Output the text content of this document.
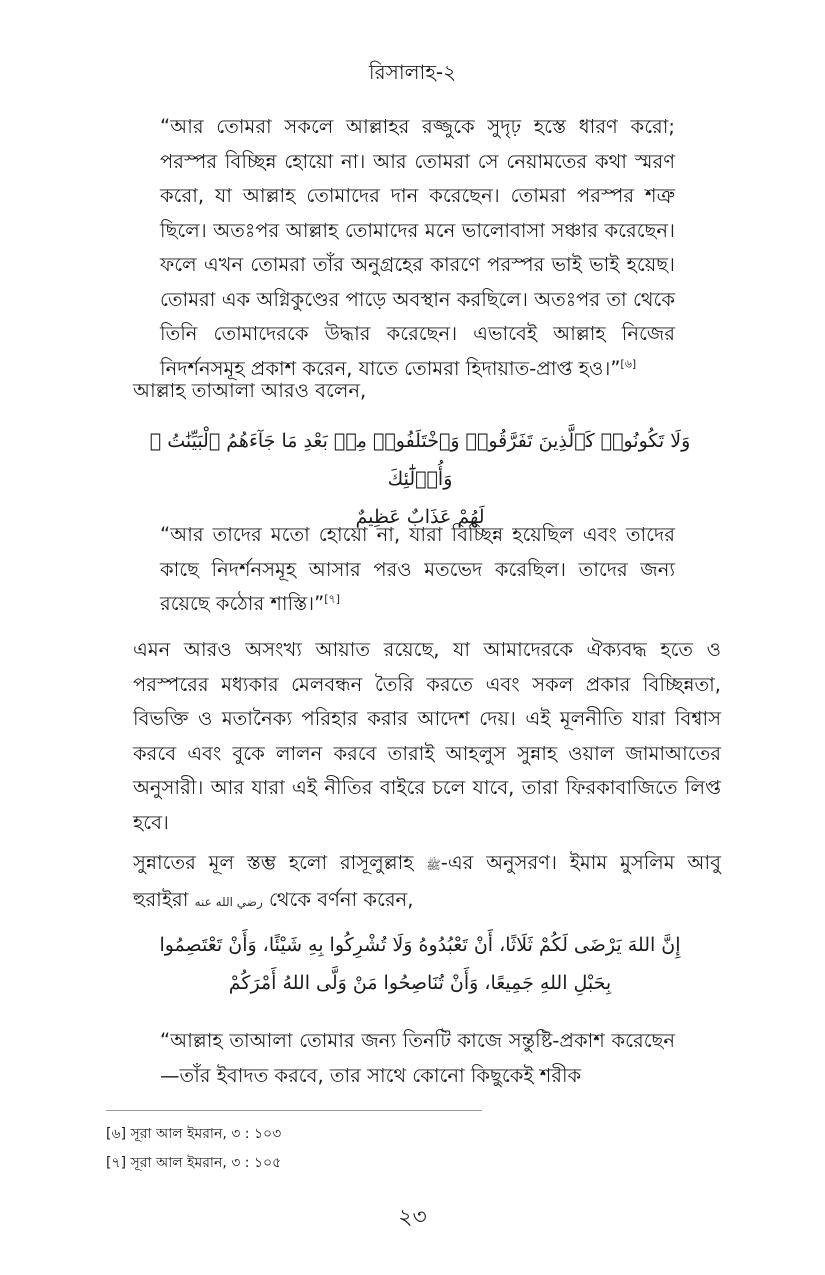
রিসালাহ-২

“আর তোমরা সকলে আল্লাহর রজ্জুকে সুদৃঢ় হস্তে ধারণ করো; পরস্পর বিচ্ছিন্ন হোয়ো না। আর তোমরা সে নেয়ামতের কথা স্মরণ করো, যা আল্লাহ তোমাদের দান করেছেন। তোমরা পরস্পর শত্রু ছিলে। অতঃপর আল্লাহ তোমাদের মনে ভালোবাসা সঞ্চার করেছেন। ফলে এখন তোমরা তাঁর অনুগ্রহের কারণে পরস্পর ভাই ভাই হয়েছ। তোমরা এক অগ্নিকুণ্ডের পাড়ে অবস্থান করছিলে। অতঃপর তা থেকে তিনি তোমাদেরকে উদ্ধার করেছেন। এভাবেই আল্লাহ নিজের নিদর্শনসমূহ প্রকাশ করেন, যাতে তোমরা হিদায়াত-প্রাপ্ত হও।”[৬]

আল্লাহ তাআলা আরও বলেন,

وَلَا تَكُونُوا۟ كَٱلَّذِينَ تَفَرَّقُوا۟ وَٱخْتَلَفُوا۟ مِنۢ بَعْدِ مَا جَآءَهُمُ ٱلْبَيِّنَٰتُ ۚ وَأُو۟لَٰٓئِكَ
لَهُمْ عَذَابٌ عَظِيمٌ

“আর তাদের মতো হোয়ো না, যারা বিচ্ছিন্ন হয়েছিল এবং তাদের কাছে নিদর্শনসমূহ আসার পরও মতভেদ করেছিল। তাদের জন্য রয়েছে কঠোর শাস্তি।”[৭]

এমন আরও অসংখ্য আয়াত রয়েছে, যা আমাদেরকে ঐক্যবদ্ধ হতে ও পরস্পরের মধ্যকার মেলবন্ধন তৈরি করতে এবং সকল প্রকার বিচ্ছিন্নতা, বিভক্তি ও মতানৈক্য পরিহার করার আদেশ দেয়। এই মূলনীতি যারা বিশ্বাস করবে এবং বুকে লালন করবে তারাই আহলুস সুন্নাহ ওয়াল জামাআতের অনুসারী। আর যারা এই নীতির বাইরে চলে যাবে, তারা ফিরকাবাজিতে লিপ্ত হবে।

সুন্নাতের মূল স্তম্ভ হলো রাসূলুল্লাহ ﷺ-এর অনুসরণ। ইমাম মুসলিম আবু হুরাইরা رضي الله عنه থেকে বর্ণনা করেন,

إِنَّ اللهَ يَرْضَى لَكُمْ ثَلَاثًا، أَنْ تَعْبُدُوهُ وَلَا تُشْرِكُوا بِهِ شَيْئًا، وَأَنْ تَعْتَصِمُوا
بِحَبْلِ اللهِ جَمِيعًا، وَأَنْ تُنَاصِحُوا مَنْ وَلَّى اللهُ أَمْرَكُمْ

“আল্লাহ তাআলা তোমার জন্য তিনটি কাজে সন্তুষ্টি-প্রকাশ করেছেন—তাঁর ইবাদত করবে, তার সাথে কোনো কিছুকেই শরীক

[৬] সূরা আল ইমরান, ৩ : ১০৩
[৭] সূরা আল ইমরান, ৩ : ১০৫
২৩
